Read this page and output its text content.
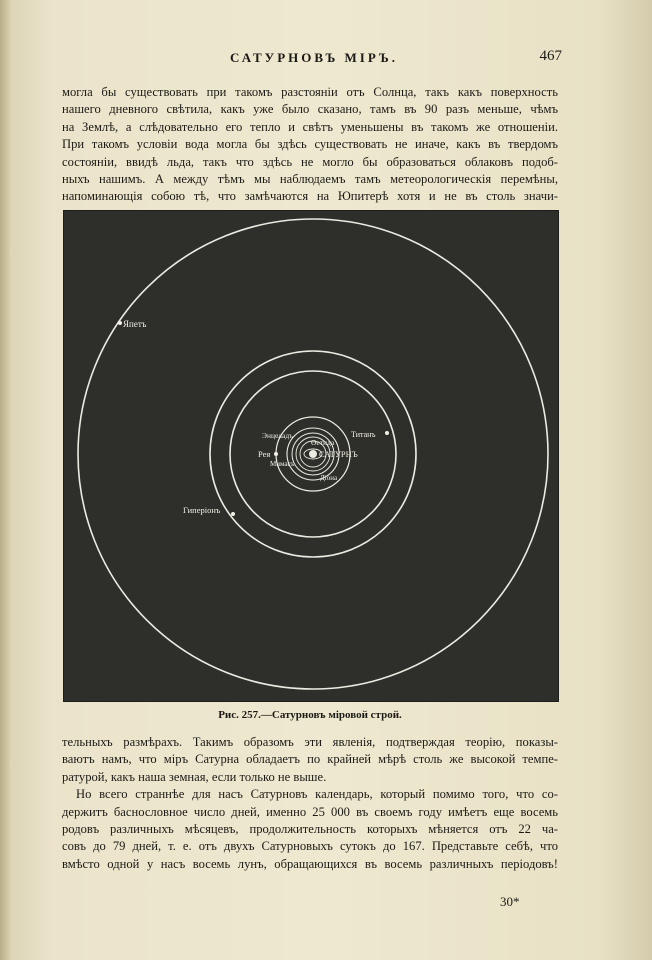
САТУРНОВЪ МІРЪ.	467
могла бы существовать при такомъ разстояніи отъ Солнца, такъ какъ поверхность
нашего дневного свѣтила, какъ уже было сказано, тамъ въ 90 разъ меньше, чѣмъ
на Землѣ, а слѣдовательно его тепло и свѣтъ уменьшены въ такомъ же отношеніи.
При такомъ условіи вода могла бы здѣсь существовать не иначе, какъ въ твердомъ
состояніи, ввидѣ льда, такъ что здѣсь не могло бы образоваться облаковъ подоб-
ныхъ нашимъ. А между тѣмъ мы наблюдаемъ тамъ метеорологическія перемѣны,
напоминающія собою тѣ, что замѣчаются на Юпитерѣ хотя и не въ столь значи-
Япетъ
Гиперіонъ
Титанъ
Энцеладъ
Өетида
Рея
Мимасъ
САТУРНЪ
Діона
Рис. 257.—Сатурновъ міровой строй.
тельныхъ размѣрахъ. Такимъ образомъ эти явленія, подтверждая теорію, показы-
ваютъ намъ, что міръ Сатурна обладаетъ по крайней мѣрѣ столь же высокой темпе-
ратурой, какъ наша земная, если только не выше.
Но всего страннѣе для насъ Сатурновъ календарь, который помимо того, что со-
держитъ баснословное число дней, именно 25 000 въ своемъ году имѣетъ еще восемь
родовъ различныхъ мѣсяцевъ, продолжительность которыхъ мѣняется отъ 22 ча-
совъ до 79 дней, т. е. отъ двухъ Сатурновыхъ сутокъ до 167. Представьте себѣ, что
вмѣсто одной у насъ восемь лунъ, обращающихся въ восемь различныхъ періодовъ!
30*
